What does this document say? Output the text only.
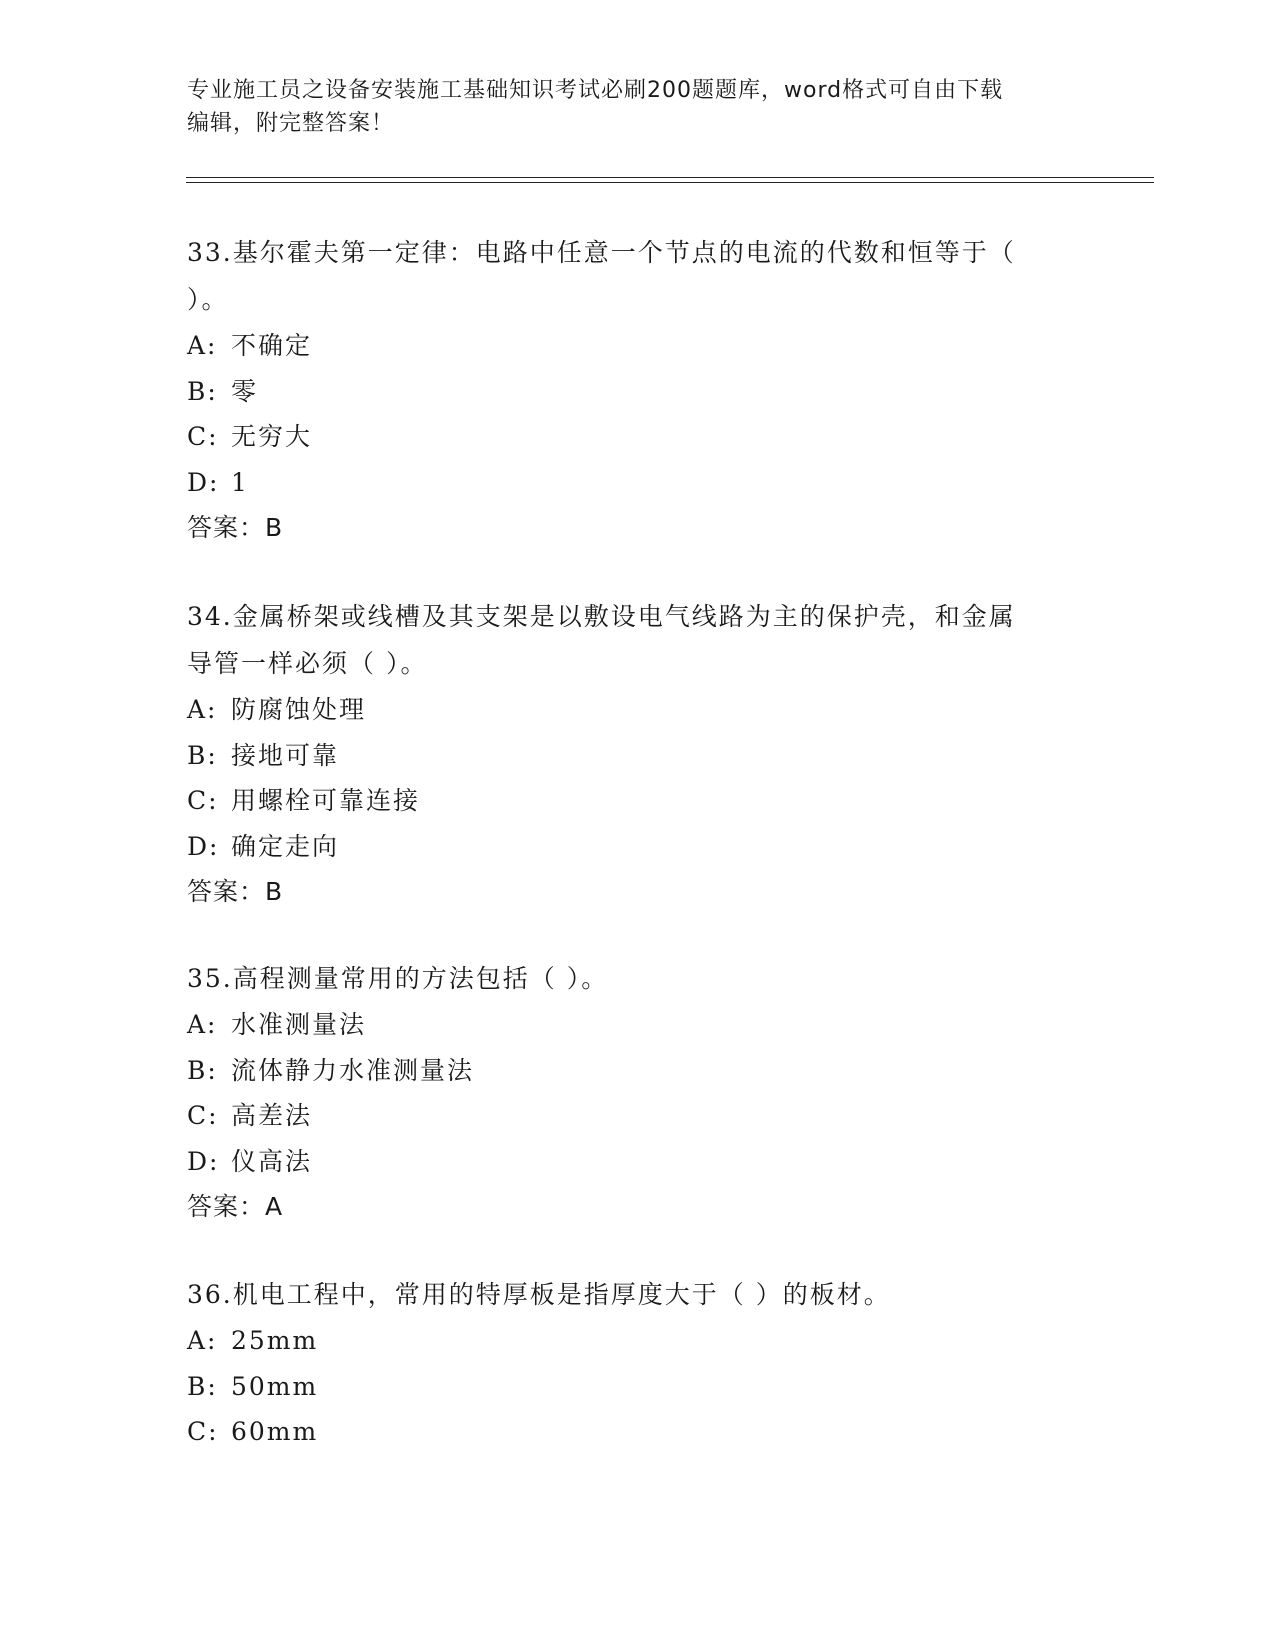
专业施工员之设备安装施工基础知识考试必刷200题题库，word格式可自由下载
编辑，附完整答案！
33.基尔霍夫第一定律：电路中任意一个节点的电流的代数和恒等于（
）。
A: 不确定
B: 零
C: 无穷大
D: 1
答案：B
34.金属桥架或线槽及其支架是以敷设电气线路为主的保护壳，和金属
导管一样必须（ ）。
A: 防腐蚀处理
B: 接地可靠
C: 用螺栓可靠连接
D: 确定走向
答案：B
35.高程测量常用的方法包括（ ）。
A: 水准测量法
B: 流体静力水准测量法
C: 高差法
D: 仪高法
答案：A
36.机电工程中，常用的特厚板是指厚度大于（ ）的板材。
A: 25mm
B: 50mm
C: 60mm
